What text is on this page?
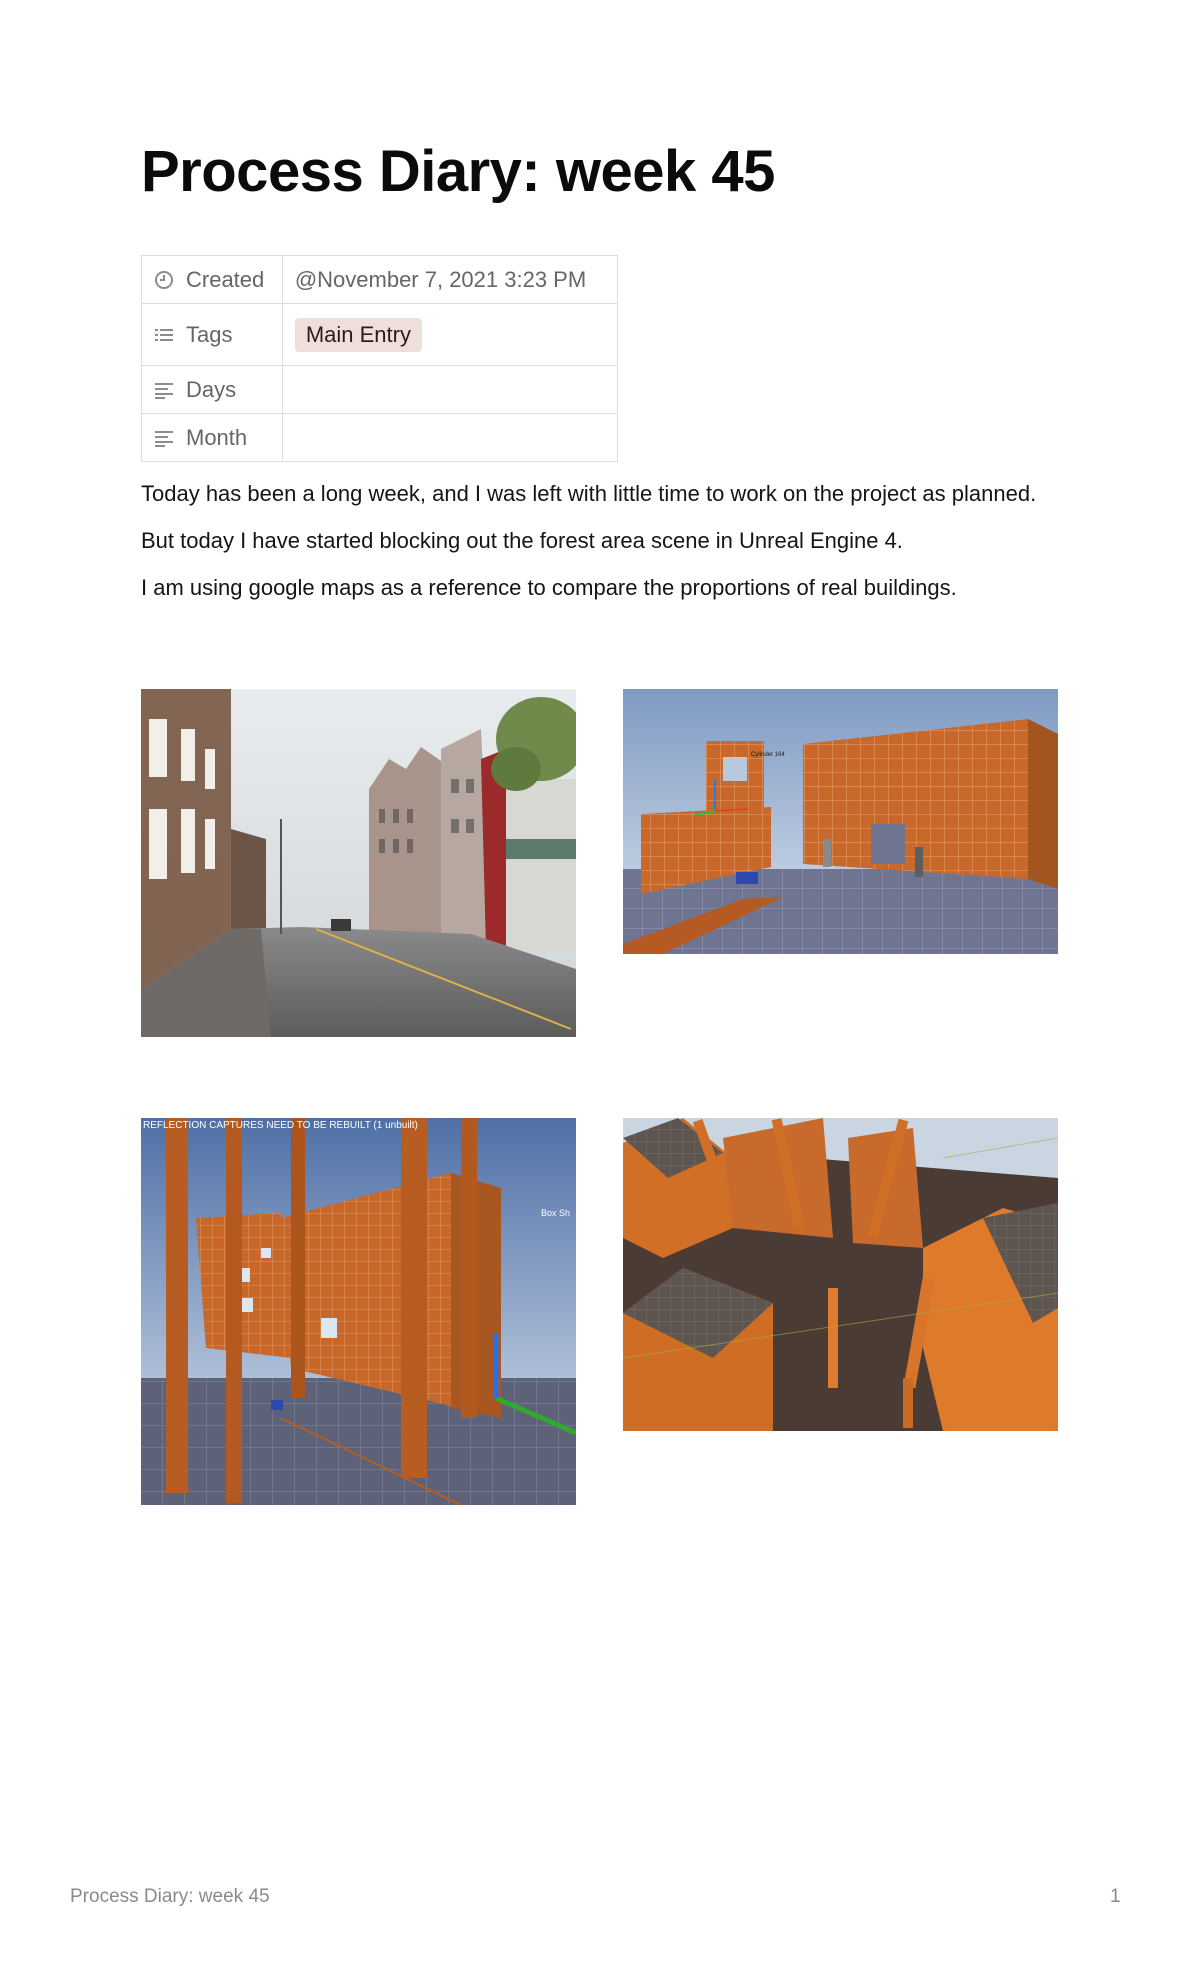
Process Diary: week 45
Created	@November 7, 2021 3:23 PM
Tags	Main Entry
Days	
Month	

Today has been a long week, and I was left with little time to work on the project as planned.

But today I have started blocking out the forest area scene in Unreal Engine 4.

I am using google maps as a reference to compare the proportions of real buildings.

Cylinder 164
REFLECTION CAPTURES NEED TO BE REBUILT (1 unbuilt)
Box Sh
Process Diary: week 45	1
